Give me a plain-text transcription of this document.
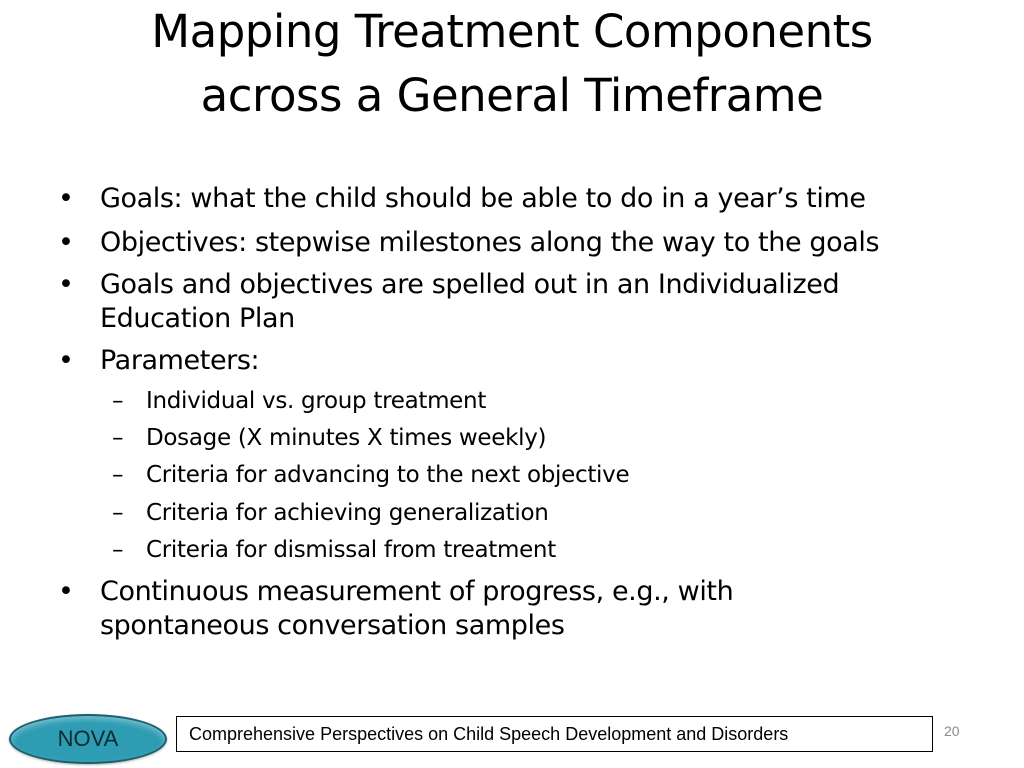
Mapping Treatment Components
across a General Timeframe
• Goals: what the child should be able to do in a year’s time
• Objectives: stepwise milestones along the way to the goals
• Goals and objectives are spelled out in an Individualized
Education Plan
• Parameters:
– Individual vs. group treatment
– Dosage (X minutes X times weekly)
– Criteria for advancing to the next objective
– Criteria for achieving generalization
– Criteria for dismissal from treatment
• Continuous measurement of progress, e.g., with
spontaneous conversation samples
NOVA	Comprehensive Perspectives on Child Speech Development and Disorders	20
